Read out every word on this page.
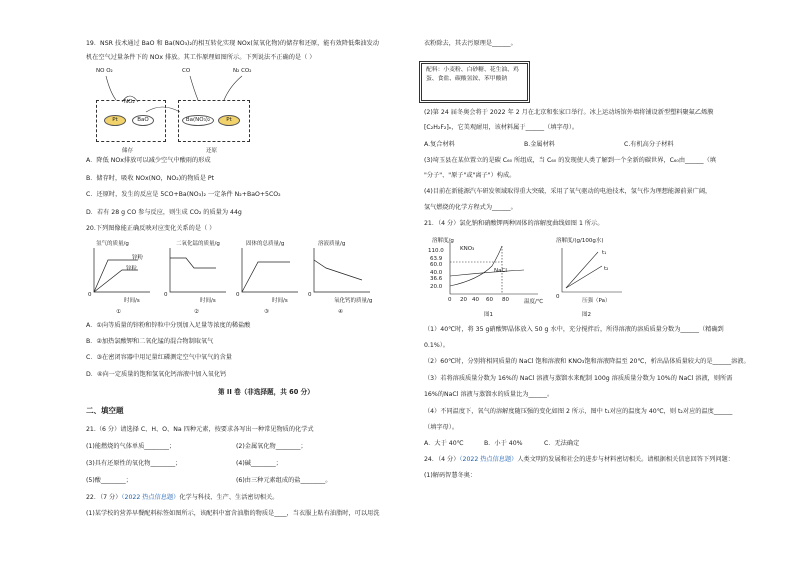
19．NSR 技术通过 BaO 和 Ba(NO₃)₂的相互转化实现 NOx(氮氧化物)的储存和还原，能有效降低柴油发动
机在空气过量条件下的 NOx 排放。其工作原理如图所示。下列说法不正确的是（ ）
NO O₂	CO	N₂ CO₂
NO₂
Pt	BaO	Ba(NO₃)₂	Pt
储存	还原
A．降低 NOx排放可以减少空气中酸雨的形成
B．储存时，吸收 NOx(NO，NO₂)的物质是 Pt
C．还原时，发生的反应是 5CO+Ba(NO₃)₂ 一定条件 N₂+BaO+5CO₂
D．若有 28 g CO 参与反应，则生成 CO₂ 的质量为 44g
20.下列图像能正确反映对应变化关系的是（ ）
氢气的质量/g	二氧化锰的质量/g	固体的总质量/g	溶液质量/g
锌粉
锌粒
0
时间/s
0
时间/s
0
时间/s
0
氧化钙的质量/g
①	②	③	④
A．①向等质量的锌粉和锌粒中分别加入足量等浓度的稀盐酸
B．②加热氯酸钾和二氧化锰的混合物制取氧气
C．③在密闭容器中用足量红磷测定空气中氧气的含量
D．④向一定质量的饱和氢氧化钙溶液中加入氧化钙
第 II 卷（非选择题，共 60 分）
二、填空题
21.（6 分）请选择 C、H、O、Na 四种元素，按要求各写出一种常见物质的化学式
(1)能燃烧的气体单质________；	(2)金属氧化物________；
(3)具有还原性的氧化物________；	(4)碱________；
(5)酸________；	(6)由三种元素组成的盐________。
22．（7 分）（2022 热点信息题）化学与科技、生产、生活密切相关。
(1)某学校的营养早餐配料标签如图所示，该配料中富含油脂的物质是____，当衣服上粘有油脂时，可以用洗
衣粉除去，其去污原理是______。
配料：小麦粉、白砂糖、花生油、鸡蛋、食盐、碳酸氢铵、苯甲酸钠
(2)第 24 届冬奥会将于 2022 年 2 月在北京和张家口举行。冰上运动场馆外墙将铺设新型塑料聚氟乙烯膜
[C₂H₂F₂]ₙ，它美观耐用，该材料属于______（填字母）。
A.复合材料	B.金属材料	C.有机高分子材料
(3)埼玉县在某位置立的是碳 C₆₀ 所组成，当 C₆₀ 的发现使人类了解到一个全新的碳世界，C₆₀由______（填
"分子"、"原子"或"离子"）构成。
(4)目前在新能源汽车研发领域取得重大突破，采用了氧气驱动的电池技术，氢气作为理想能源前景广阔，
氢气燃烧的化学方程式为______。
21．（4 分）氯化钠和硝酸钾两种固体的溶解度曲线如图 1 所示。
溶解度/g
KNO₃
NaCl
110.0
63.9
60.0
40.0
36.6
20.0
0 20 40 60 80	温度/℃
图1
溶解度/(g/100g水)
t₁
t₂
0
压强（Pa）
图2
（1）40℃时，将 35 g硝酸钾晶体放入 50 g 水中，充分搅拌后，所得溶液的溶质质量分数为______（精确到
0.1%）。
（2）60℃时，分别将相同质量的 NaCl 饱和溶液和 KNO₃饱和溶液降温至 20℃，析出晶体质量较大的是______溶液。
（3）若将溶质质量分数为 16%的 NaCl 溶液与蒸馏水来配制 100g 溶质质量分数为 10%的 NaCl 溶液，则所需
16%的NaCl 溶液与蒸馏水的质量比为______。
（4）不同温度下，氧气的溶解度随压强的变化如图 2 所示，图中 t₁对应的温度为 40℃，则 t₂对应的温度______
（填字母）。
A．大于 40℃	B．小于 40%	C．无法确定
24．（4 分）（2022 热点信息题）人类文明的发展和社会的进步与材料密切相关。请根据相关信息回答下列问题：
(1)解码智慧冬奥：
